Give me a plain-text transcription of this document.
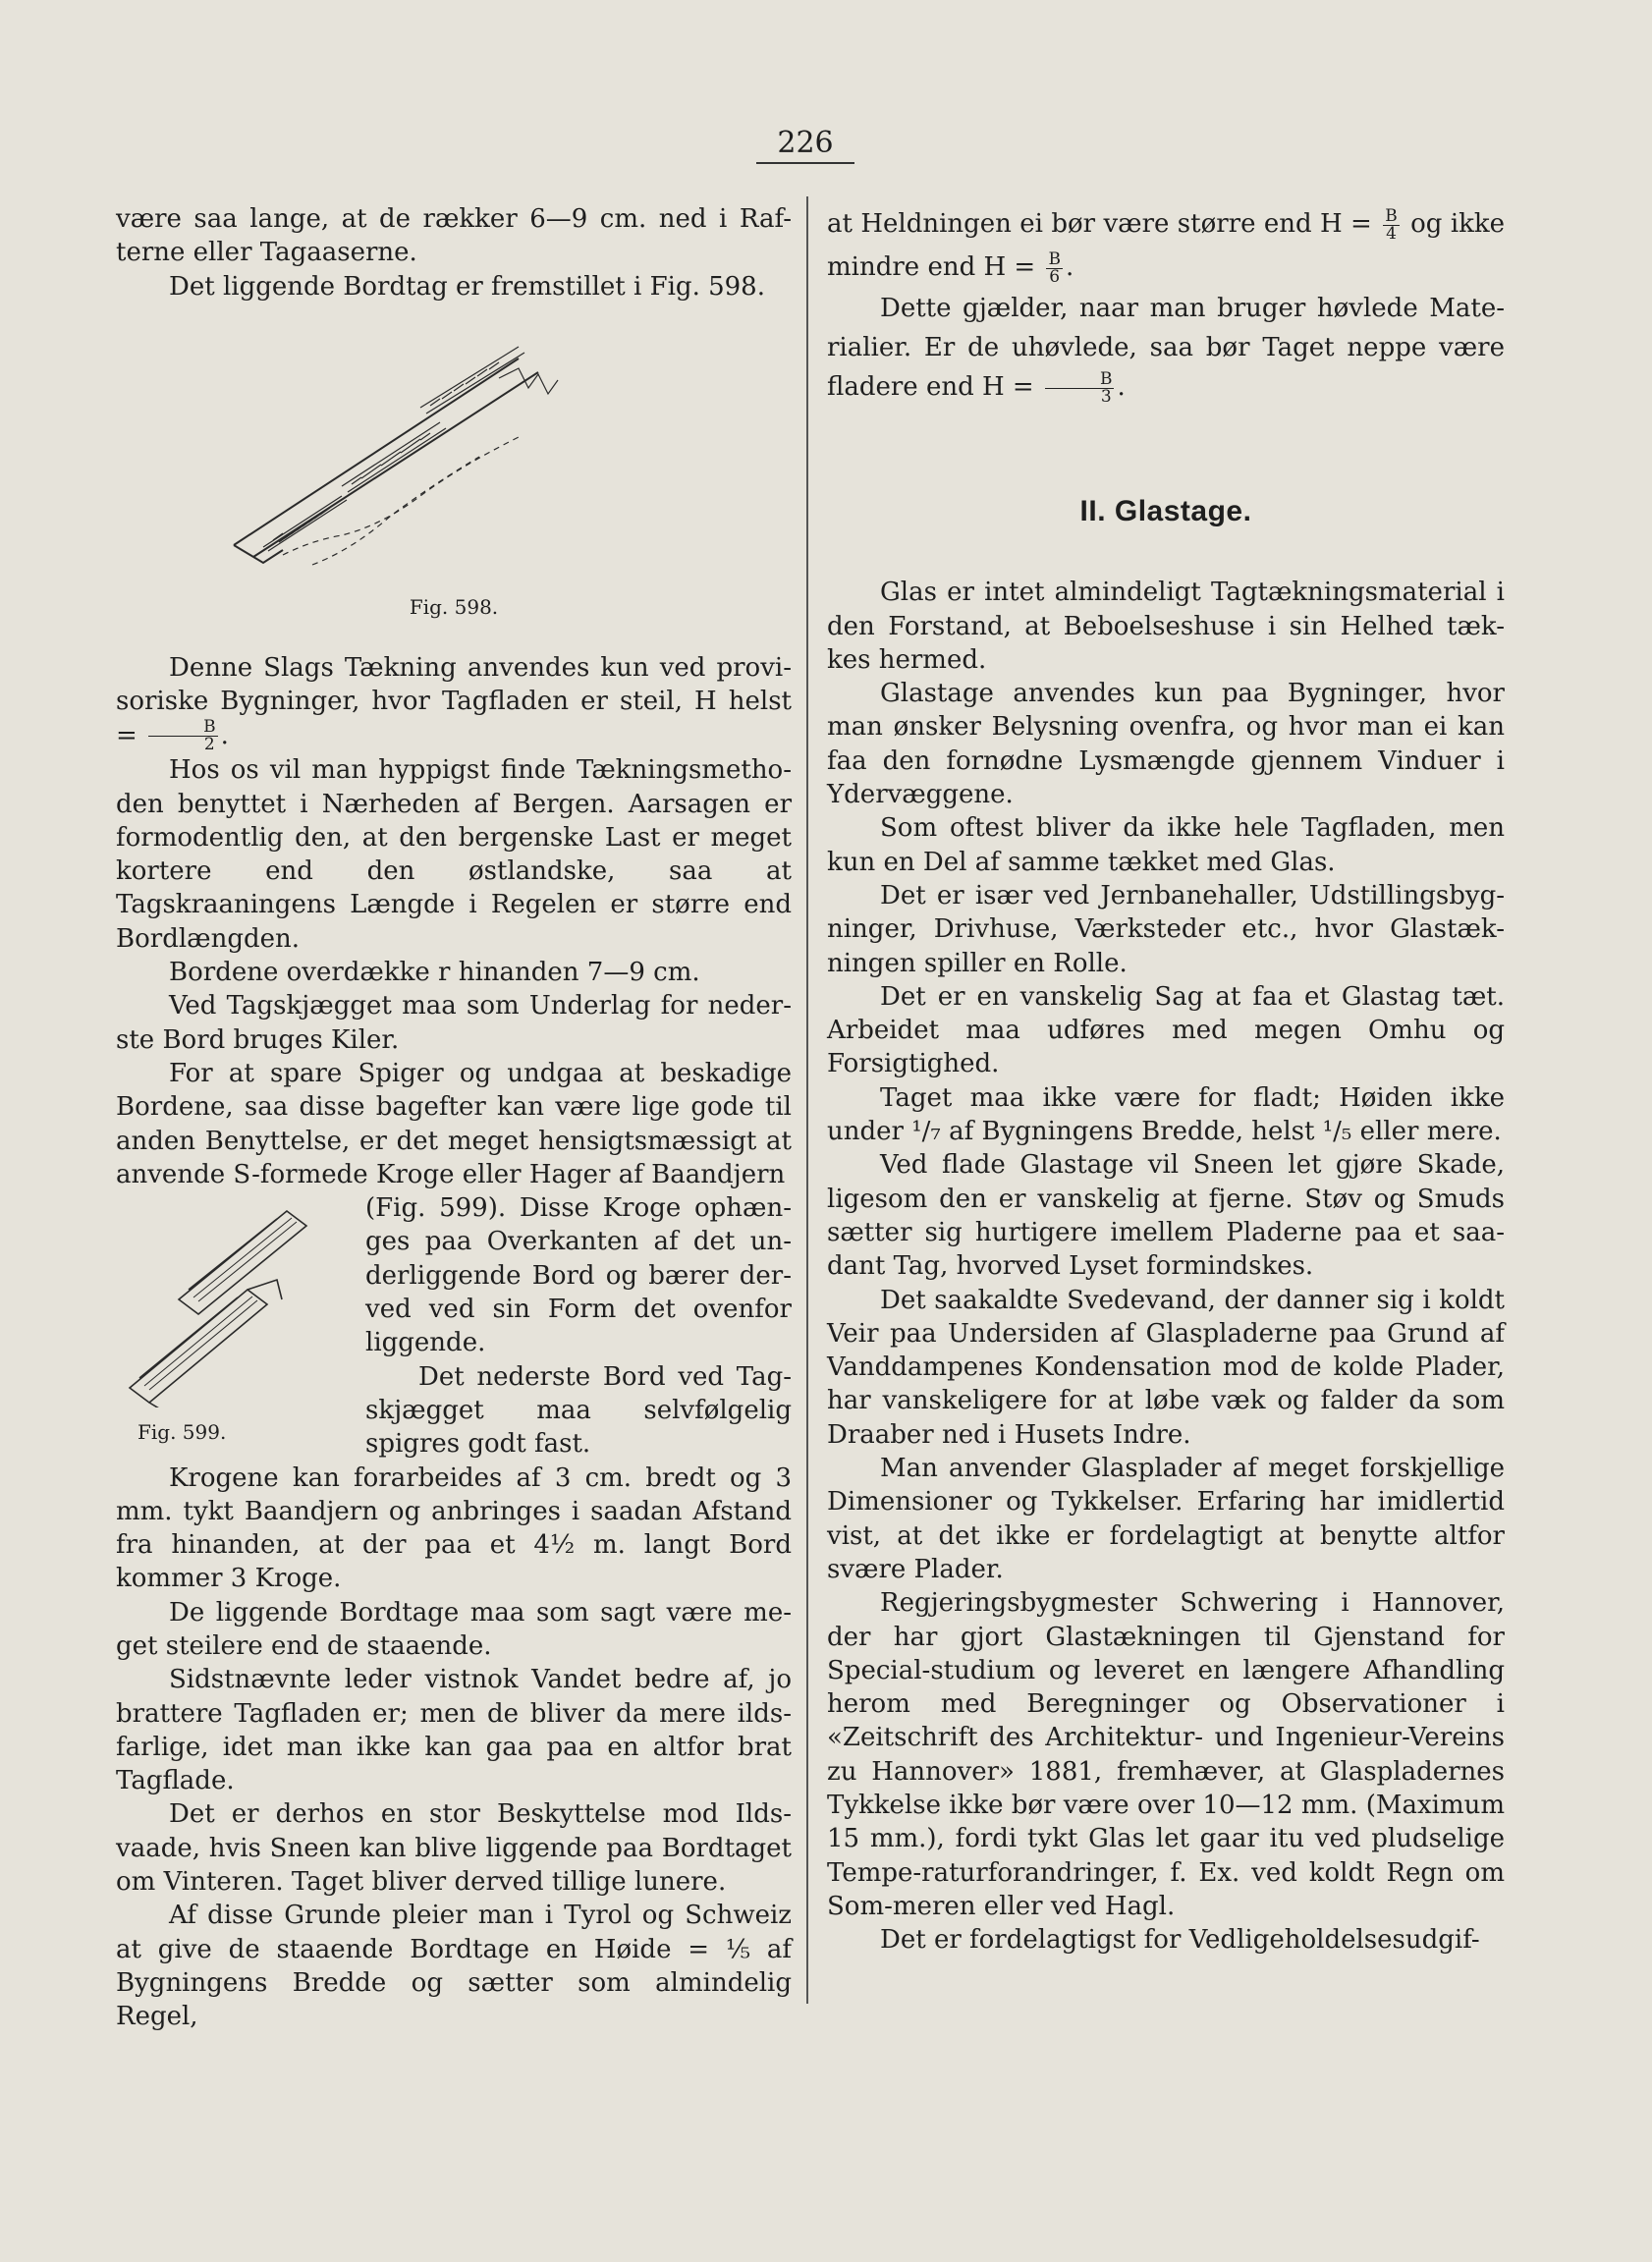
226

være saa lange, at de rækker 6—9 cm. ned i Raf-terne eller Tagaaserne.

Det liggende Bordtag er fremstillet i Fig. 598.

Fig. 598.

Denne Slags Tækning anvendes kun ved provi-soriske Bygninger, hvor Tagfladen er steil, H helst = $\frac{B}{2}$ .

Hos os vil man hyppigst finde Tækningsmetho-den benyttet i Nærheden af Bergen. Aarsagen er formodentlig den, at den bergenske Last er meget kortere end den østlandske, saa at Tagskraaningens Længde i Regelen er større end Bordlængden.

Bordene overdække r hinanden 7—9 cm.

Ved Tagskjægget maa som Underlag for neder-ste Bord bruges Kiler.

For at spare Spiger og undgaa at beskadige Bordene, saa disse bagefter kan være lige gode til anden Benyttelse, er det meget hensigtsmæssigt at anvende S-formede Kroge eller Hager af Baandjern

Fig. 599.

(Fig. 599). Disse Kroge ophæn-ges paa Overkanten af det un-derliggende Bord og bærer der-ved ved sin Form det ovenfor liggende.

Det nederste Bord ved Tag-skjægget maa selvfølgelig spigres godt fast.

Krogene kan forarbeides af 3 cm. bredt og 3 mm. tykt Baandjern og anbringes i saadan Afstand fra hinanden, at der paa et 4½ m. langt Bord kommer 3 Kroge.

De liggende Bordtage maa som sagt være me-get steilere end de staaende.

Sidstnævnte leder vistnok Vandet bedre af, jo brattere Tagfladen er; men de bliver da mere ilds-farlige, idet man ikke kan gaa paa en altfor brat Tagflade.

Det er derhos en stor Beskyttelse mod Ilds-vaade, hvis Sneen kan blive liggende paa Bordtaget om Vinteren. Taget bliver derved tillige lunere.

Af disse Grunde pleier man i Tyrol og Schweiz at give de staaende Bordtage en Høide = ⅕ af Bygningens Bredde og sætter som almindelig Regel,

at Heldningen ei bør være større end $H = \frac{B}{4}$ og ikke mindre end $H = \frac{B}{6}$ .

Dette gjælder, naar man bruger høvlede Mate-rialier. Er de uhøvlede, saa bør Taget neppe være fladere end $H = \frac{B}{3}$ .

II. Glastage.

Glas er intet almindeligt Tagtækningsmaterial i den Forstand, at Beboelseshuse i sin Helhed tæk-kes hermed.

Glastage anvendes kun paa Bygninger, hvor man ønsker Belysning ovenfra, og hvor man ei kan faa den fornødne Lysmængde gjennem Vinduer i Ydervæggene.

Som oftest bliver da ikke hele Tagfladen, men kun en Del af samme tækket med Glas.

Det er især ved Jernbanehaller, Udstillingsbyg-ninger, Drivhuse, Værksteder etc., hvor Glastæk-ningen spiller en Rolle.

Det er en vanskelig Sag at faa et Glastag tæt. Arbeidet maa udføres med megen Omhu og Forsigtighed.

Taget maa ikke være for fladt; Høiden ikke under ¹/₇ af Bygningens Bredde, helst ¹/₅ eller mere.

Ved flade Glastage vil Sneen let gjøre Skade, ligesom den er vanskelig at fjerne. Støv og Smuds sætter sig hurtigere imellem Pladerne paa et saa-dant Tag, hvorved Lyset formindskes.

Det saakaldte Svedevand, der danner sig i koldt Veir paa Undersiden af Glaspladerne paa Grund af Vanddampenes Kondensation mod de kolde Plader, har vanskeligere for at løbe væk og falder da som Draaber ned i Husets Indre.

Man anvender Glasplader af meget forskjellige Dimensioner og Tykkelser. Erfaring har imidlertid vist, at det ikke er fordelagtigt at benytte altfor svære Plader.

Regjeringsbygmester Schwering i Hannover, der har gjort Glastækningen til Gjenstand for Special-studium og leveret en længere Afhandling herom med Beregninger og Observationer i «Zeitschrift des Architektur- und Ingenieur-Vereins zu Hannover» 1881, fremhæver, at Glaspladernes Tykkelse ikke bør være over 10—12 mm. (Maximum 15 mm.), fordi tykt Glas let gaar itu ved pludselige Tempe-raturforandringer, f. Ex. ved koldt Regn om Som-meren eller ved Hagl.

Det er fordelagtigst for Vedligeholdelsesudgif-
